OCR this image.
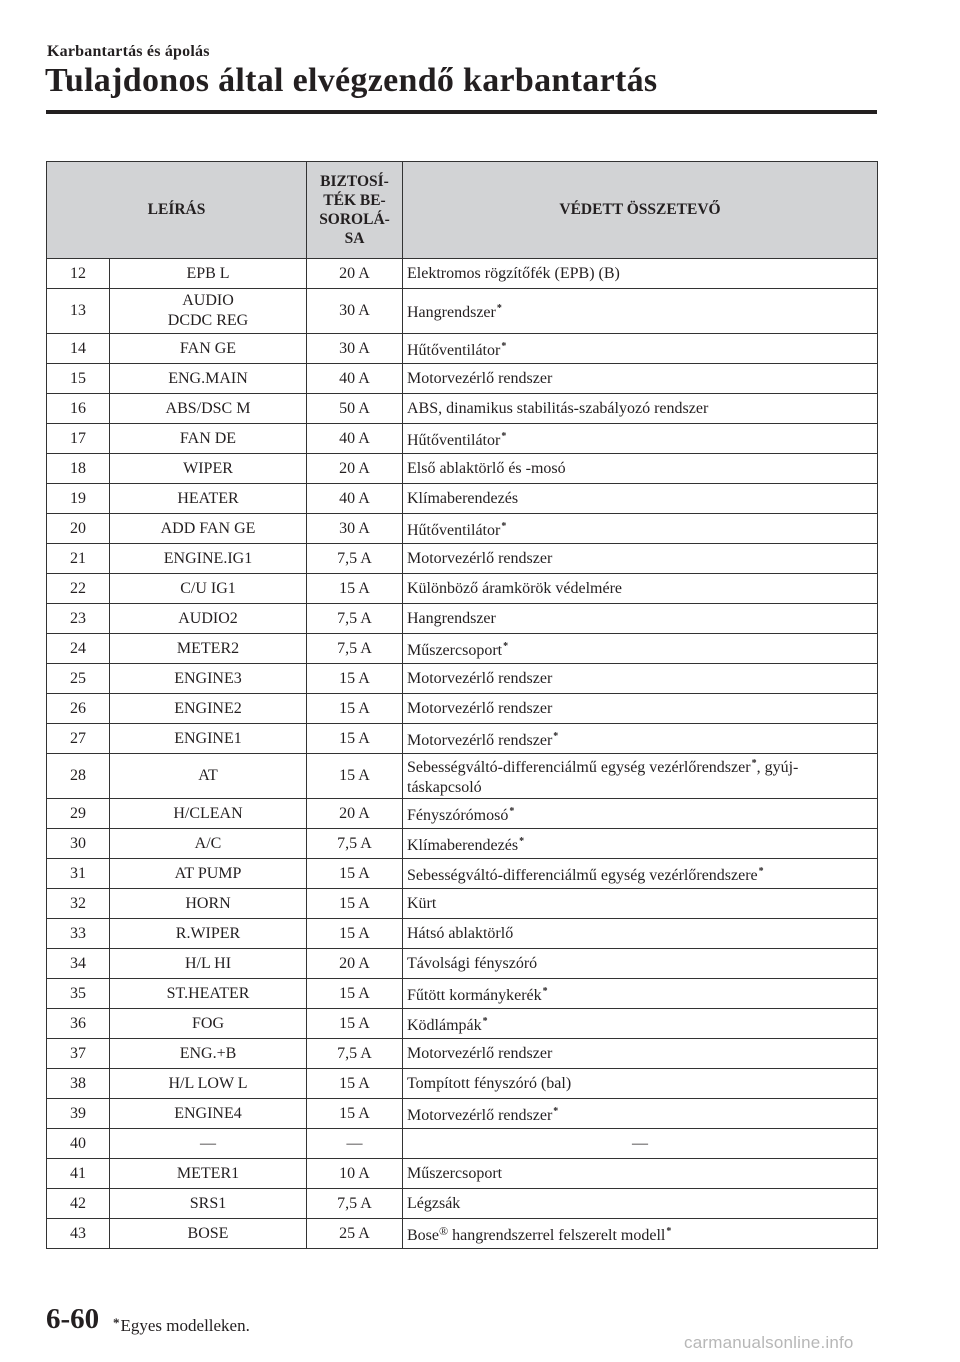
Karbantartás és ápolás
Tulajdonos által elvégzendő karbantartás
LEÍRÁS		BIZTOSÍ-
TÉK BE-
SOROLÁ-
SA	VÉDETT ÖSSZETEVŐ
12	EPB L	20 A	Elektromos rögzítőfék (EPB) (B)
13	AUDIO
DCDC REG	30 A	Hangrendszer*
14	FAN GE	30 A	Hűtőventilátor*
15	ENG.MAIN	40 A	Motorvezérlő rendszer
16	ABS/DSC M	50 A	ABS, dinamikus stabilitás-szabályozó rendszer
17	FAN DE	40 A	Hűtőventilátor*
18	WIPER	20 A	Első ablaktörlő és -mosó
19	HEATER	40 A	Klímaberendezés
20	ADD FAN GE	30 A	Hűtőventilátor*
21	ENGINE.IG1	7,5 A	Motorvezérlő rendszer
22	C/U IG1	15 A	Különböző áramkörök védelmére
23	AUDIO2	7,5 A	Hangrendszer
24	METER2	7,5 A	Műszercsoport*
25	ENGINE3	15 A	Motorvezérlő rendszer
26	ENGINE2	15 A	Motorvezérlő rendszer
27	ENGINE1	15 A	Motorvezérlő rendszer*
28	AT	15 A	Sebességváltó-differenciálmű egység vezérlőrendszer*, gyúj-
táskapcsoló
29	H/CLEAN	20 A	Fényszórómosó*
30	A/C	7,5 A	Klímaberendezés*
31	AT PUMP	15 A	Sebességváltó-differenciálmű egység vezérlőrendszere*
32	HORN	15 A	Kürt
33	R.WIPER	15 A	Hátsó ablaktörlő
34	H/L HI	20 A	Távolsági fényszóró
35	ST.HEATER	15 A	Fűtött kormánykerék*
36	FOG	15 A	Ködlámpák*
37	ENG.+B	7,5 A	Motorvezérlő rendszer
38	H/L LOW L	15 A	Tompított fényszóró (bal)
39	ENGINE4	15 A	Motorvezérlő rendszer*
40	—	—	—
41	METER1	10 A	Műszercsoport
42	SRS1	7,5 A	Légzsák
43	BOSE	25 A	Bose® hangrendszerrel felszerelt modell*
6-60 *Egyes modelleken.
carmanualsonline.info
